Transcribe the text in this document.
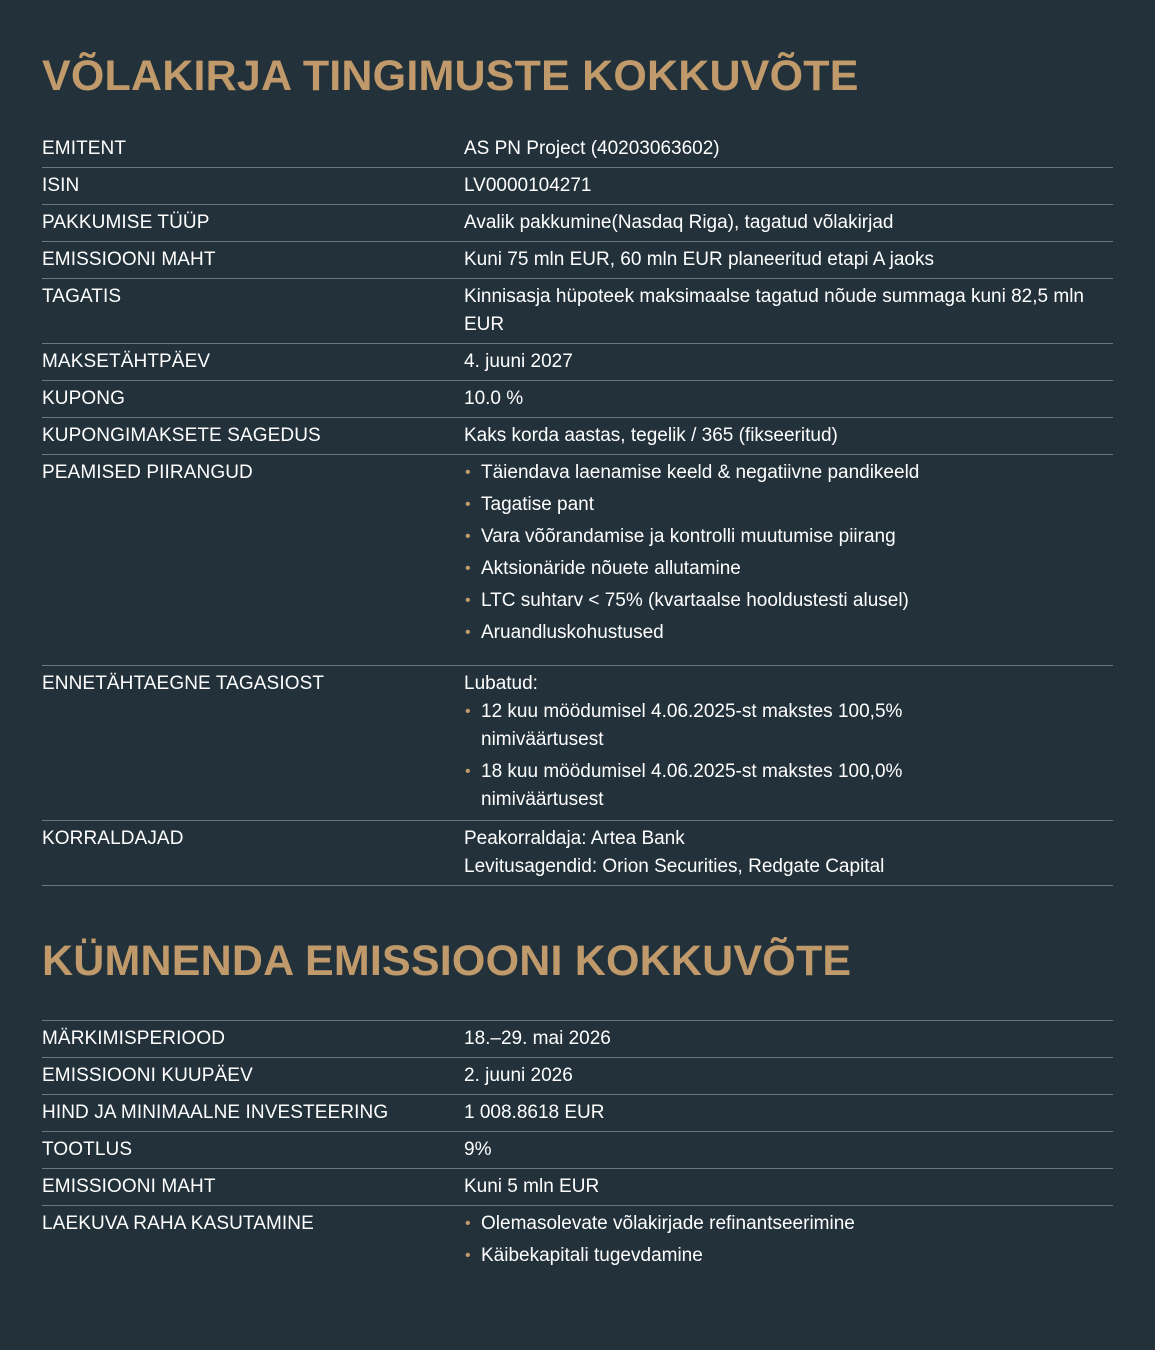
VÕLAKIRJA TINGIMUSTE KOKKUVÕTE
EMITENT	AS PN Project (40203063602)
ISIN	LV0000104271
PAKKUMISE TÜÜP	Avalik pakkumine(Nasdaq Riga), tagatud võlakirjad
EMISSIOONI MAHT	Kuni 75 mln EUR, 60 mln EUR planeeritud etapi A jaoks
TAGATIS	Kinnisasja hüpoteek maksimaalse tagatud nõude summaga kuni 82,5 mln EUR
MAKSETÄHTPÄEV	4. juuni 2027
KUPONG	10.0 %
KUPONGIMAKSETE SAGEDUS	Kaks korda aastas, tegelik / 365 (fikseeritud)
PEAMISED PIIRANGUD	• Täiendava laenamise keeld & negatiivne pandikeeld
• Tagatise pant
• Vara võõrandamise ja kontrolli muutumise piirang
• Aktsionäride nõuete allutamine
• LTC suhtarv < 75% (kvartaalse hooldustesti alusel)
• Aruandluskohustused
ENNETÄHTAEGNE TAGASIOST	Lubatud:
• 12 kuu möödumisel 4.06.2025-st makstes 100,5% nimiväärtusest
• 18 kuu möödumisel 4.06.2025-st makstes 100,0% nimiväärtusest
KORRALDAJAD	Peakorraldaja: Artea Bank
Levitusagendid: Orion Securities, Redgate Capital
KÜMNENDA EMISSIOONI KOKKUVÕTE
MÄRKIMISPERIOOD	18.–29. mai 2026
EMISSIOONI KUUPÄEV	2. juuni 2026
HIND JA MINIMAALNE INVESTEERING	1 008.8618 EUR
TOOTLUS	9%
EMISSIOONI MAHT	Kuni 5 mln EUR
LAEKUVA RAHA KASUTAMINE	• Olemasolevate võlakirjade refinantseerimine
• Käibekapitali tugevdamine
